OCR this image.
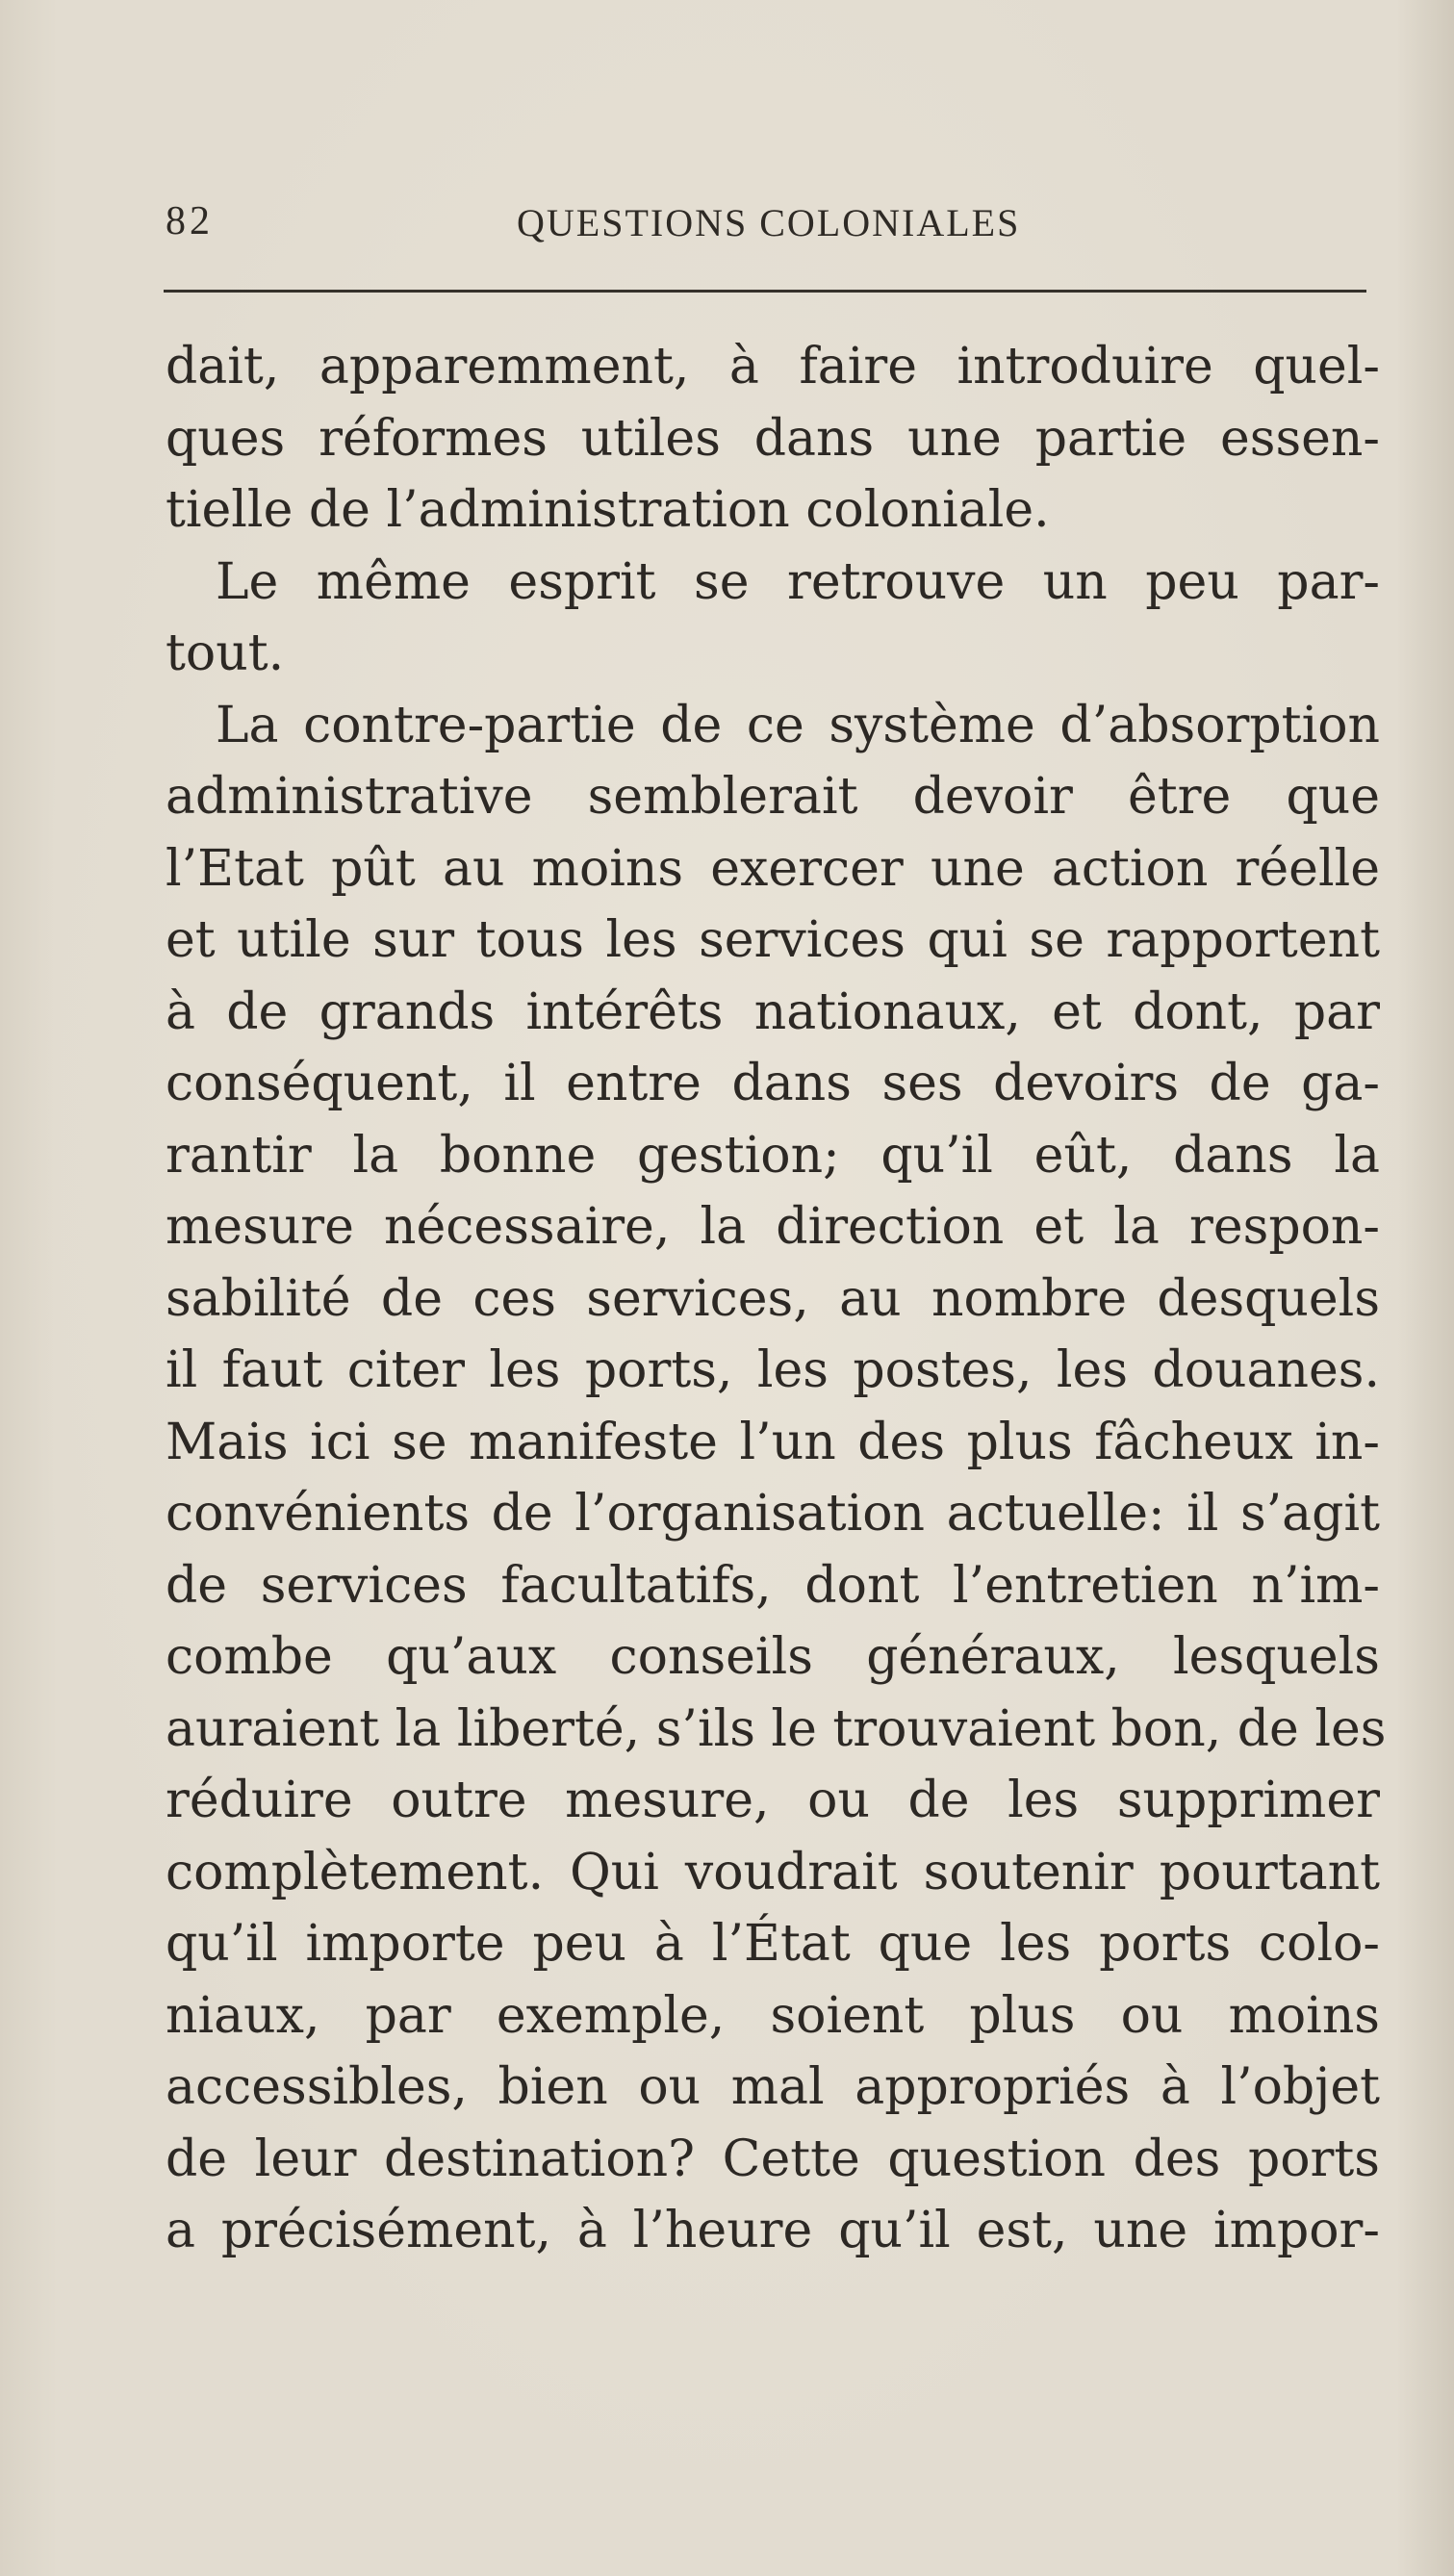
82	QUESTIONS COLONIALES
dait, apparemment, à faire introduire quel-
ques réformes utiles dans une partie essen-
tielle de l’administration coloniale.
Le même esprit se retrouve un peu par-
tout.
La contre-partie de ce système d’absorption
administrative semblerait devoir être que
l’Etat pût au moins exercer une action réelle
et utile sur tous les services qui se rapportent
à de grands intérêts nationaux, et dont, par
conséquent, il entre dans ses devoirs de ga-
rantir la bonne gestion; qu’il eût, dans la
mesure nécessaire, la direction et la respon-
sabilité de ces services, au nombre desquels
il faut citer les ports, les postes, les douanes.
Mais ici se manifeste l’un des plus fâcheux in-
convénients de l’organisation actuelle: il s’agit
de services facultatifs, dont l’entretien n’im-
combe qu’aux conseils généraux, lesquels
auraient la liberté, s’ils le trouvaient bon, de les
réduire outre mesure, ou de les supprimer
complètement. Qui voudrait soutenir pourtant
qu’il importe peu à l’État que les ports colo-
niaux, par exemple, soient plus ou moins
accessibles, bien ou mal appropriés à l’objet
de leur destination? Cette question des ports
a précisément, à l’heure qu’il est, une impor-
